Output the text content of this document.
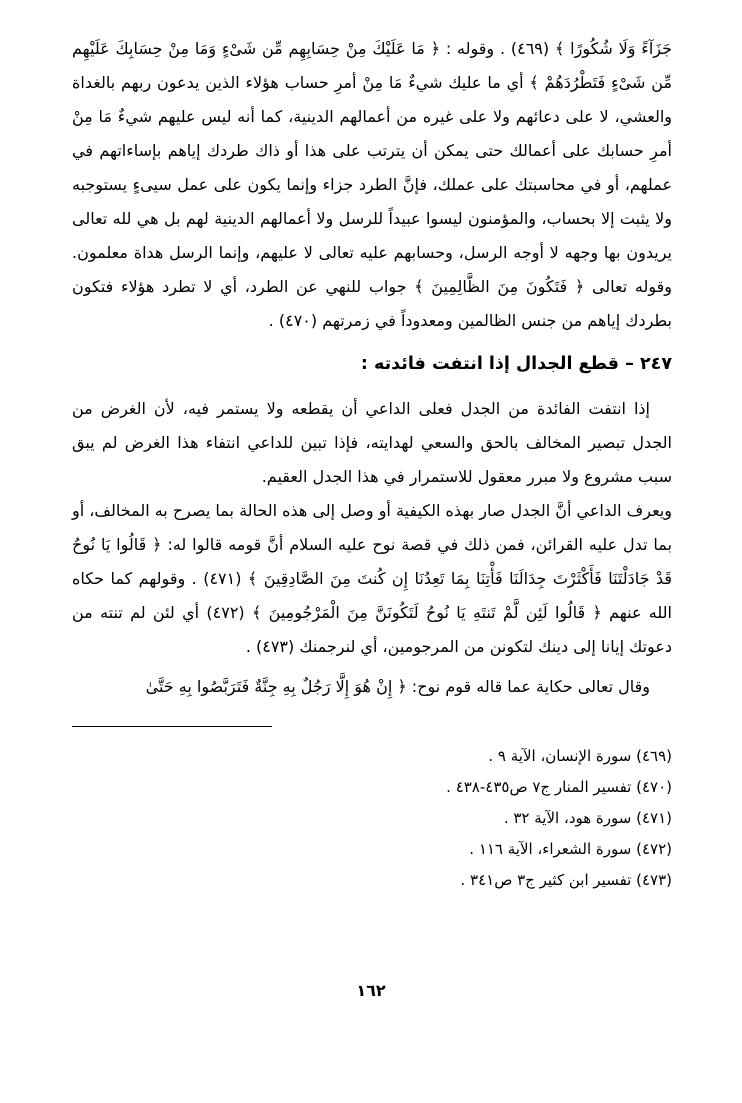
جَزَآءً وَلَا شُكُورًا ﴾ (٤٦٩) . وقوله : ﴿ مَا عَلَيْكَ مِنْ حِسَابِهِم مِّن شَىْءٍ وَمَا مِنْ حِسَابِكَ عَلَيْهِم مِّن شَىْءٍ فَتَطْرُدَهُمْ ﴾ أي ما عليك شيءٌ مَا مِنْ أمرِ حساب هؤلاء الذين يدعون ربهم بالغداة والعشي، لا على دعائهم ولا على غيره من أعمالهم الدينية، كما أنه ليس عليهم شيءٌ مَا مِنْ أمرِ حسابك على أعمالك حتى يمكن أن يترتب على هذا أو ذاك طردك إياهم بإساءاتهم في عملهم، أو في محاسبتك على عملك، فإنَّ الطرد جزاء وإنما يكون على عمل سيىءٍ يستوجبه ولا يثبت إلا بحساب، والمؤمنون ليسوا عبيداً للرسل ولا أعمالهم الدينية لهم بل هي لله تعالى يريدون بها وجهه لا أوجه الرسل، وحسابهم عليه تعالى لا عليهم، وإنما الرسل هداة معلمون. وقوله تعالى ﴿ فَتَكُونَ مِنَ الظَّالِمِينَ ﴾ جواب للنهي عن الطرد، أي لا تطرد هؤلاء فتكون بطردك إياهم من جنس الظالمين ومعدوداً في زمرتهم (٤٧٠) .

٢٤٧ – قطع الجدال إذا انتفت فائدته :

إذا انتفت الفائدة من الجدل فعلى الداعي أن يقطعه ولا يستمر فيه، لأن الغرض من الجدل تبصير المخالف بالحق والسعي لهدايته، فإذا تبين للداعي انتفاء هذا الغرض لم يبق سبب مشروع ولا مبرر معقول للاستمرار في هذا الجدل العقيم.

ويعرف الداعي أنَّ الجدل صار بهذه الكيفية أو وصل إلى هذه الحالة بما يصرح به المخالف، أو بما تدل عليه القرائن، فمن ذلك في قصة نوح عليه السلام أنَّ قومه قالوا له: ﴿ قَالُوا يَا نُوحُ قَدْ جَادَلْتَنَا فَأَكْثَرْتَ جِدَالَنَا فَأْتِنَا بِمَا تَعِدُنَا إِن كُنتَ مِنَ الصَّادِقِينَ ﴾ (٤٧١) . وقولهم كما حكاه الله عنهم ﴿ قَالُوا لَئِن لَّمْ تَنتَهِ يَا نُوحُ لَتَكُونَنَّ مِنَ الْمَرْجُومِينَ ﴾ (٤٧٢) أي لئن لم تنته من دعوتك إيانا إلى دينك لتكونن من المرجومين، أي لنرجمنك (٤٧٣) .

وقال تعالى حكاية عما قاله قوم نوح: ﴿ إِنْ هُوَ إِلَّا رَجُلٌ بِهِ جِنَّةٌ فَتَرَبَّصُوا بِهِ حَتَّىٰ

(٤٦٩) سورة الإنسان، الآية ٩ .

(٤٧٠) تفسير المنار ج٧ ص٤٣٥-٤٣٨ .

(٤٧١) سورة هود، الآية ٣٢ .

(٤٧٢) سورة الشعراء، الآية ١١٦ .

(٤٧٣) تفسير ابن كثير ج٣ ص٣٤١ .

١٦٢
